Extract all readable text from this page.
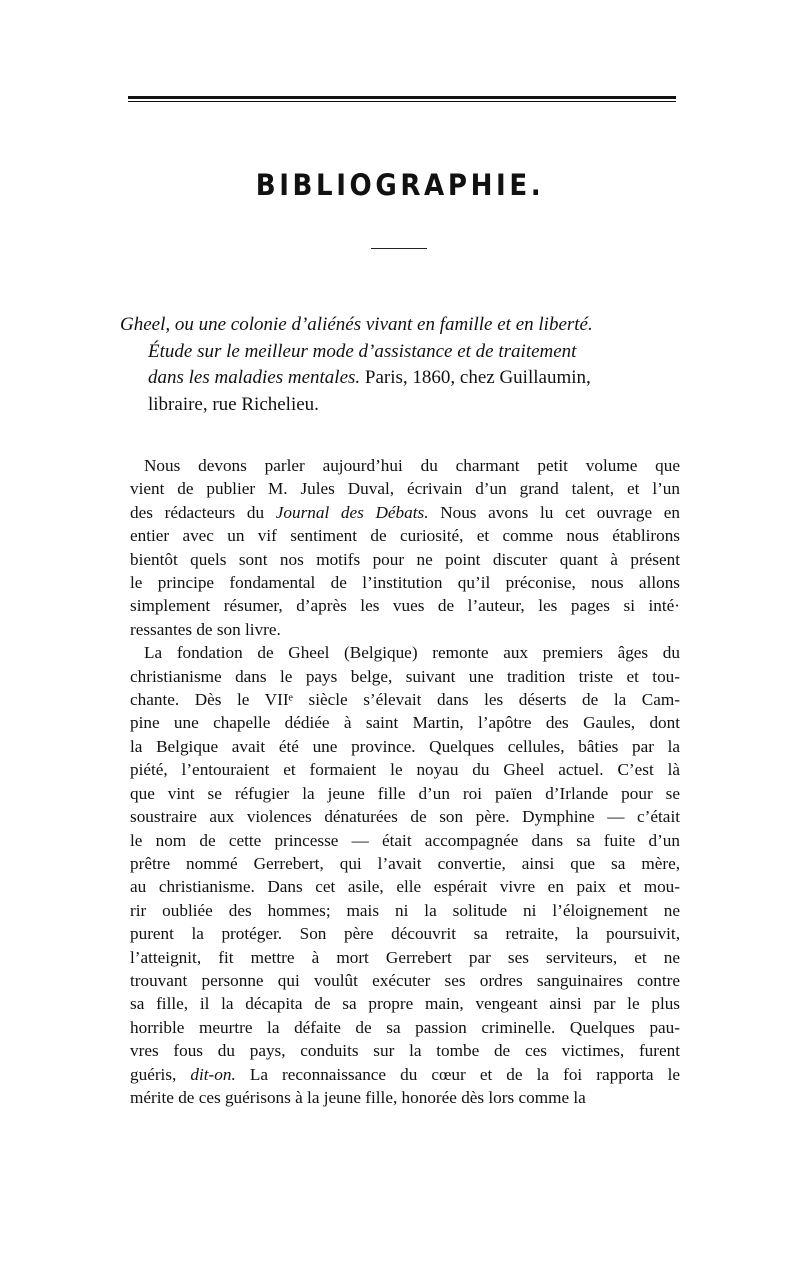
BIBLIOGRAPHIE.
Gheel, ou une colonie d’aliénés vivant en famille et en liberté.
Étude sur le meilleur mode d’assistance et de traitement
dans les maladies mentales. Paris, 1860, chez Guillaumin,
libraire, rue Richelieu.
Nous devons parler aujourd’hui du charmant petit volume que
vient de publier M. Jules Duval, écrivain d’un grand talent, et l’un
des rédacteurs du Journal des Débats. Nous avons lu cet ouvrage en
entier avec un vif sentiment de curiosité, et comme nous établirons
bientôt quels sont nos motifs pour ne point discuter quant à présent
le principe fondamental de l’institution qu’il préconise, nous allons
simplement résumer, d’après les vues de l’auteur, les pages si inté·
ressantes de son livre.
La fondation de Gheel (Belgique) remonte aux premiers âges du
christianisme dans le pays belge, suivant une tradition triste et tou-
chante. Dès le VIIᵉ siècle s’élevait dans les déserts de la Cam-
pine une chapelle dédiée à saint Martin, l’apôtre des Gaules, dont
la Belgique avait été une province. Quelques cellules, bâties par la
piété, l’entouraient et formaient le noyau du Gheel actuel. C’est là
que vint se réfugier la jeune fille d’un roi païen d’Irlande pour se
soustraire aux violences dénaturées de son père. Dymphine — c’était
le nom de cette princesse — était accompagnée dans sa fuite d’un
prêtre nommé Gerrebert, qui l’avait convertie, ainsi que sa mère,
au christianisme. Dans cet asile, elle espérait vivre en paix et mou-
rir oubliée des hommes; mais ni la solitude ni l’éloignement ne
purent la protéger. Son père découvrit sa retraite, la poursuivit,
l’atteignit, fit mettre à mort Gerrebert par ses serviteurs, et ne
trouvant personne qui voulût exécuter ses ordres sanguinaires contre
sa fille, il la décapita de sa propre main, vengeant ainsi par le plus
horrible meurtre la défaite de sa passion criminelle. Quelques pau-
vres fous du pays, conduits sur la tombe de ces victimes, furent
guéris, dit-on. La reconnaissance du cœur et de la foi rapporta le
mérite de ces guérisons à la jeune fille, honorée dès lors comme la
